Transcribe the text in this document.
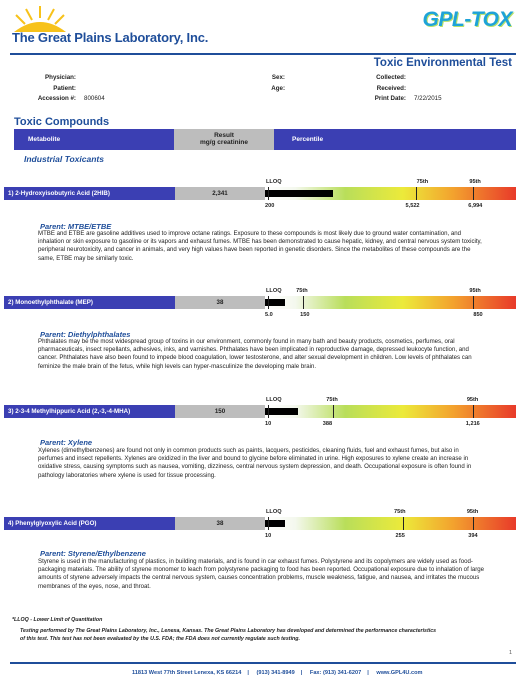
The Great Plains Laboratory, Inc.
GPL-TOX
Toxic Environmental Test
Physician:
Patient:
Accession #: 800604
Sex:
Age:
Collected:
Received:
Print Date: 7/22/2015
Toxic Compounds
Metabolite
Result
mg/g creatinine	Percentile
Industrial Toxicants
1) 2-Hydroxyisobutyric Acid (2HIB)	2,341
Parent: MTBE/ETBE
MTBE and ETBE are gasoline additives used to improve octane ratings. Exposure to these compounds is most likely due to ground water contamination, and inhalation or skin exposure to gasoline or its vapors and exhaust fumes. MTBE has been demonstrated to cause hepatic, kidney, and central nervous system toxicity, peripheral neurotoxicity, and cancer in animals, and very high values have been reported in genetic disorders. Since the metabolites of these compounds are the same, ETBE may be similarly toxic.
2) Monoethylphthalate (MEP)	38
Parent: Diethylphthalates
Phthalates may be the most widespread group of toxins in our environment, commonly found in many bath and beauty products, cosmetics, perfumes, oral pharmaceuticals, insect repellants, adhesives, inks, and varnishes. Phthalates have been implicated in reproductive damage, depressed leukocyte function, and cancer. Phthalates have also been found to impede blood coagulation, lower testosterone, and alter sexual development in children. Low levels of phthalates can feminize the male brain of the fetus, while high levels can hyper-masculinize the developing male brain.
3) 2-3-4 Methylhippuric Acid (2,-3,-4-MHA)	150
Parent: Xylene
Xylenes (dimethylbenzenes) are found not only in common products such as paints, lacquers, pesticides, cleaning fluids, fuel and exhaust fumes, but also in perfumes and insect repellents. Xylenes are oxidized in the liver and bound to glycine before eliminated in urine. High exposures to xylene create an increase in oxidative stress, causing symptoms such as nausea, vomiting, dizziness, central nervous system depression, and death. Occupational exposure is often found in pathology laboratories where xylene is used for tissue processing.
4) Phenylglyoxylic Acid (PGO)	38
Parent: Styrene/Ethylbenzene
Styrene is used in the manufacturing of plastics, in building materials, and is found in car exhaust fumes. Polystyrene and its copolymers are widely used as food-packaging materials. The ability of styrene monomer to leach from polystyrene packaging to food has been reported. Occupational exposure due to inhalation of large amounts of styrene adversely impacts the central nervous system, causes concentration problems, muscle weakness, fatigue, and nausea, and irritates the mucous membranes of the eyes, nose, and throat.
*LLOQ - Lower Limit of Quantitation
Testing performed by The Great Plains Laboratory, Inc., Lenexa, Kansas. The Great Plains Laboratory has developed and determined the performance characteristics of this test. This test has not been evaluated by the U.S. FDA; the FDA does not currently regulate such testing.
1
11813 West 77th Street Lenexa, KS 66214 | (913) 341-8949 | Fax: (913) 341-6207 | www.GPL4U.com
LLOQ
200
75th
5,522
95th
6,994
LLOQ
5.0
75th
150
95th
850
LLOQ
10
75th
388
95th
1,216
LLOQ
10
75th
255
95th
394
